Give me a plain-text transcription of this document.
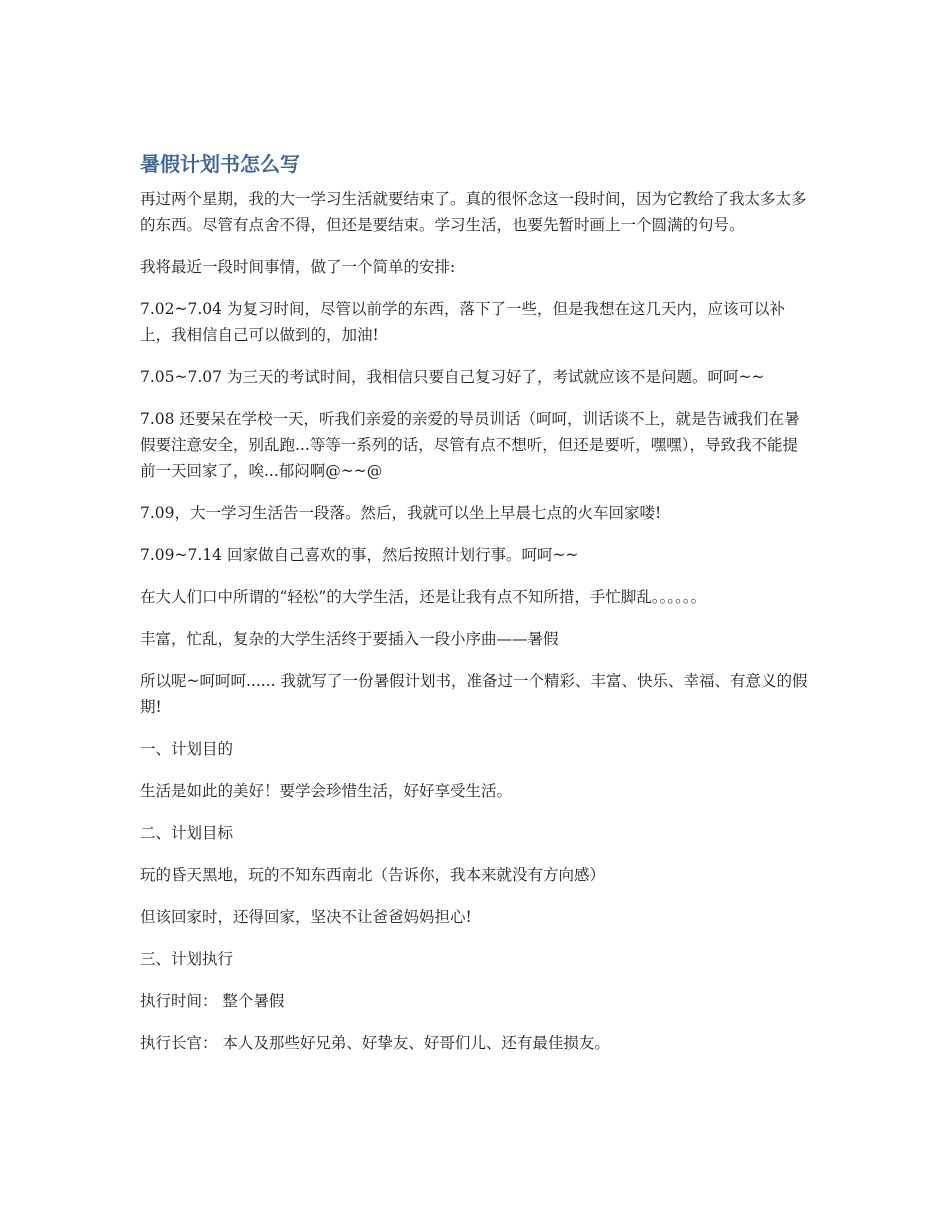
暑假计划书怎么写

再过两个星期，我的大一学习生活就要结束了。真的很怀念这一段时间，因为它教给了我太多太多的东西。尽管有点舍不得，但还是要结束。学习生活，也要先暂时画上一个圆满的句号。

我将最近一段时间事情，做了一个简单的安排:

7.02~7.04 为复习时间，尽管以前学的东西，落下了一些，但是我想在这几天内，应该可以补上，我相信自己可以做到的，加油!

7.05~7.07 为三天的考试时间，我相信只要自己复习好了，考试就应该不是问题。呵呵~~

7.08 还要呆在学校一天，听我们亲爱的亲爱的导员训话（呵呵，训话谈不上，就是告诫我们在暑假要注意安全，别乱跑...等等一系列的话，尽管有点不想听，但还是要听，嘿嘿），导致我不能提前一天回家了，唉...郁闷啊@~~@

7.09，大一学习生活告一段落。然后，我就可以坐上早晨七点的火车回家喽!

7.09~7.14 回家做自己喜欢的事，然后按照计划行事。呵呵~~

在大人们口中所谓的“轻松”的大学生活，还是让我有点不知所措，手忙脚乱。。。。。。

丰富，忙乱，复杂的大学生活终于要插入一段小序曲——暑假

所以呢~呵呵呵...... 我就写了一份暑假计划书，准备过一个精彩、丰富、快乐、幸福、有意义的假期!

一、计划目的

生活是如此的美好！要学会珍惜生活，好好享受生活。

二、计划目标

玩的昏天黑地，玩的不知东西南北（告诉你，我本来就没有方向感）

但该回家时，还得回家，坚决不让爸爸妈妈担心!

三、计划执行

执行时间： 整个暑假

执行长官： 本人及那些好兄弟、好挚友、好哥们儿、还有最佳损友。
